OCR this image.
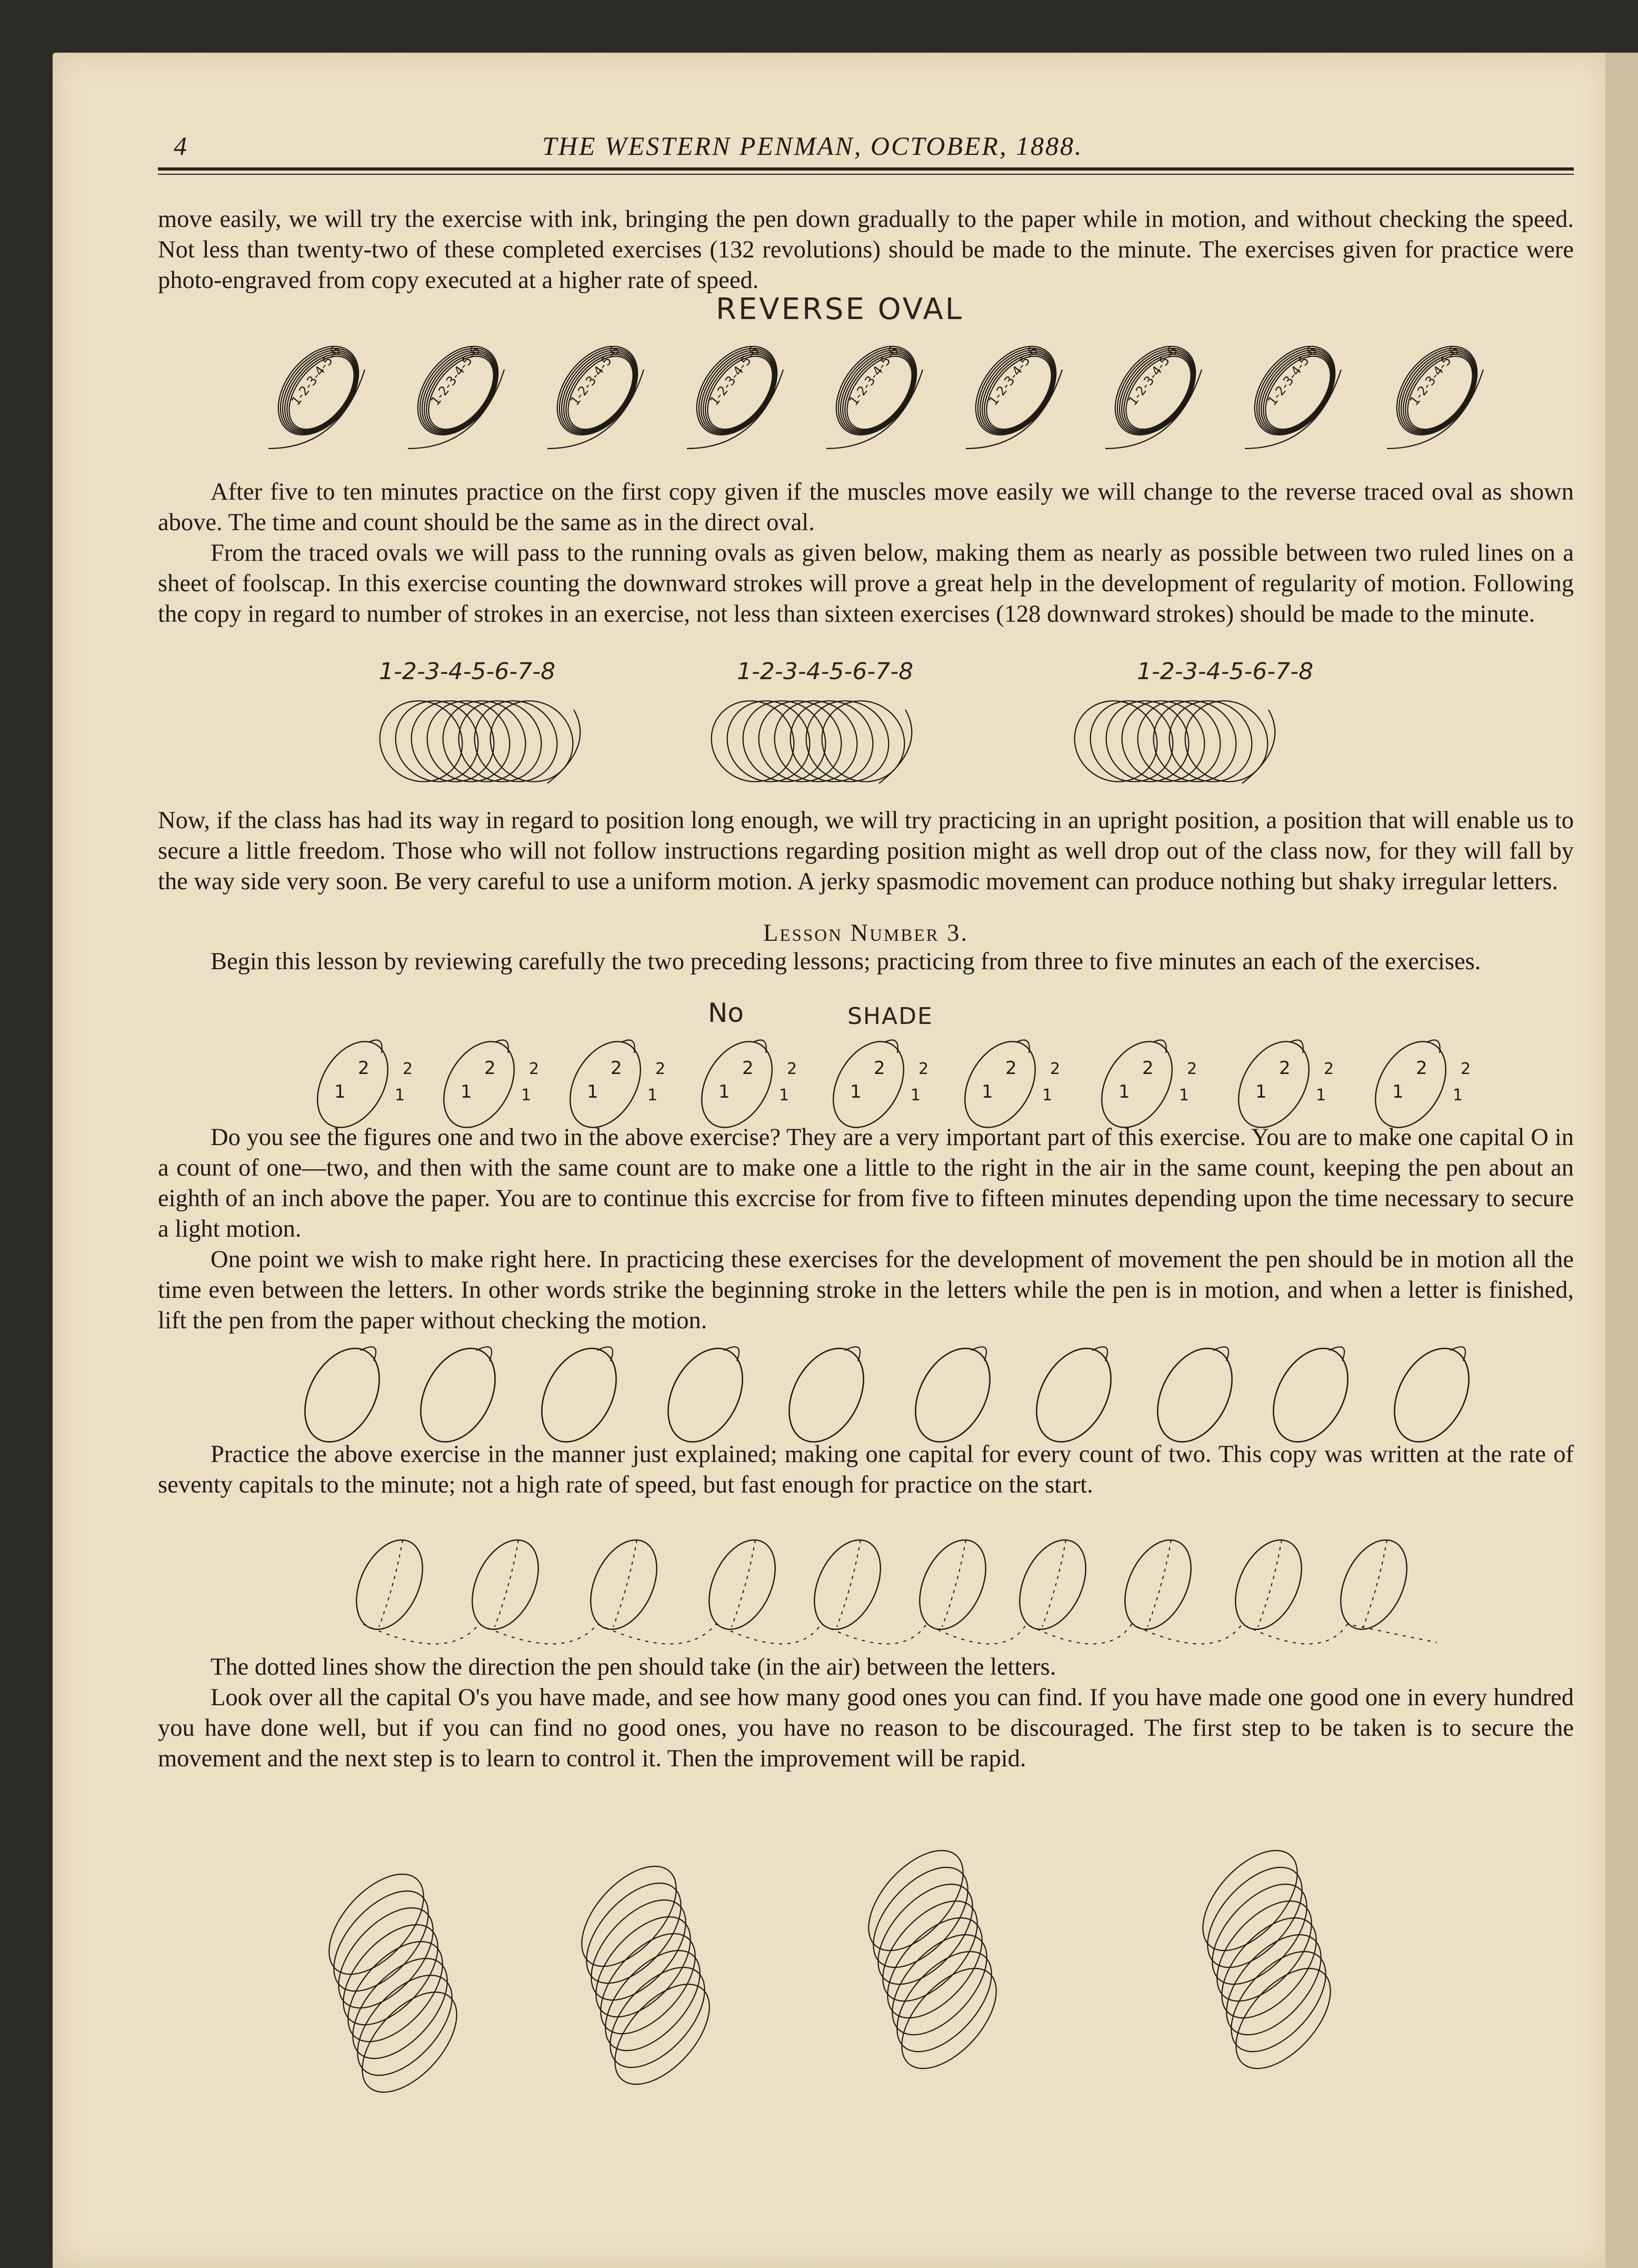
4	THE WESTERN PENMAN, OCTOBER, 1888.

move easily, we will try the exercise with ink, bringing the pen down gradually to the paper while in motion, and without checking the speed. Not less than twenty-two of these completed exercises (132 revolutions) should be made to the minute. The exercises given for practice were photo-engraved from copy executed at a higher rate of speed.

After five to ten minutes practice on the first copy given if the muscles move easily we will change to the reverse traced oval as shown above. The time and count should be the same as in the direct oval.

From the traced ovals we will pass to the running ovals as given below, making them as nearly as possible between two ruled lines on a sheet of foolscap. In this exercise counting the downward strokes will prove a great help in the development of regularity of motion. Following the copy in regard to number of strokes in an exercise, not less than sixteen exercises (128 downward strokes) should be made to the minute.

Now, if the class has had its way in regard to position long enough, we will try practicing in an upright position, a position that will enable us to secure a little freedom. Those who will not follow instructions regarding position might as well drop out of the class now, for they will fall by the way side very soon. Be very careful to use a uniform motion. A jerky spasmodic movement can produce nothing but shaky irregular letters.

Lesson Number 3.

Begin this lesson by reviewing carefully the two preceding lessons; practicing from three to five minutes an each of the exercises.

Do you see the figures one and two in the above exercise? They are a very important part of this exercise. You are to make one capital O in a count of one—two, and then with the same count are to make one a little to the right in the air in the same count, keeping the pen about an eighth of an inch above the paper. You are to continue this excrcise for from five to fifteen minutes depending upon the time necessary to secure a light motion.

One point we wish to make right here. In practicing these exercises for the development of movement the pen should be in motion all the time even between the letters. In other words strike the beginning stroke in the letters while the pen is in motion, and when a letter is finished, lift the pen from the paper without checking the motion.

Practice the above exercise in the manner just explained; making one capital for every count of two. This copy was written at the rate of seventy capitals to the minute; not a high rate of speed, but fast enough for practice on the start.

The dotted lines show the direction the pen should take (in the air) between the letters.

Look over all the capital O's you have made, and see how many good ones you can find. If you have made one good one in every hundred you have done well, but if you can find no good ones, you have no reason to be discouraged. The first step to be taken is to secure the movement and the next step is to learn to control it. Then the improvement will be rapid.

REVERSE OVAL
1-2-3-4-5-6-7-8	1-2-3-4-5-6-7-8	1-2-3-4-5-6-7-8
No	SHADE
1-2-3-4-5-6	1-2-3-4-5-6	1-2-3-4-5-6	1-2-3-4-5-6	1-2-3-4-5-6	1-2-3-4-5-6	1-2-3-4-5-6	1-2-3-4-5-6	1-2-3-4-5-6
1
2 2
1	1
2 2
1	1
2 2
1	1
2 2
1	1
2 2
1	1
2 2
1	1
2 2
1	1
2 2
1	1
2 2
1
